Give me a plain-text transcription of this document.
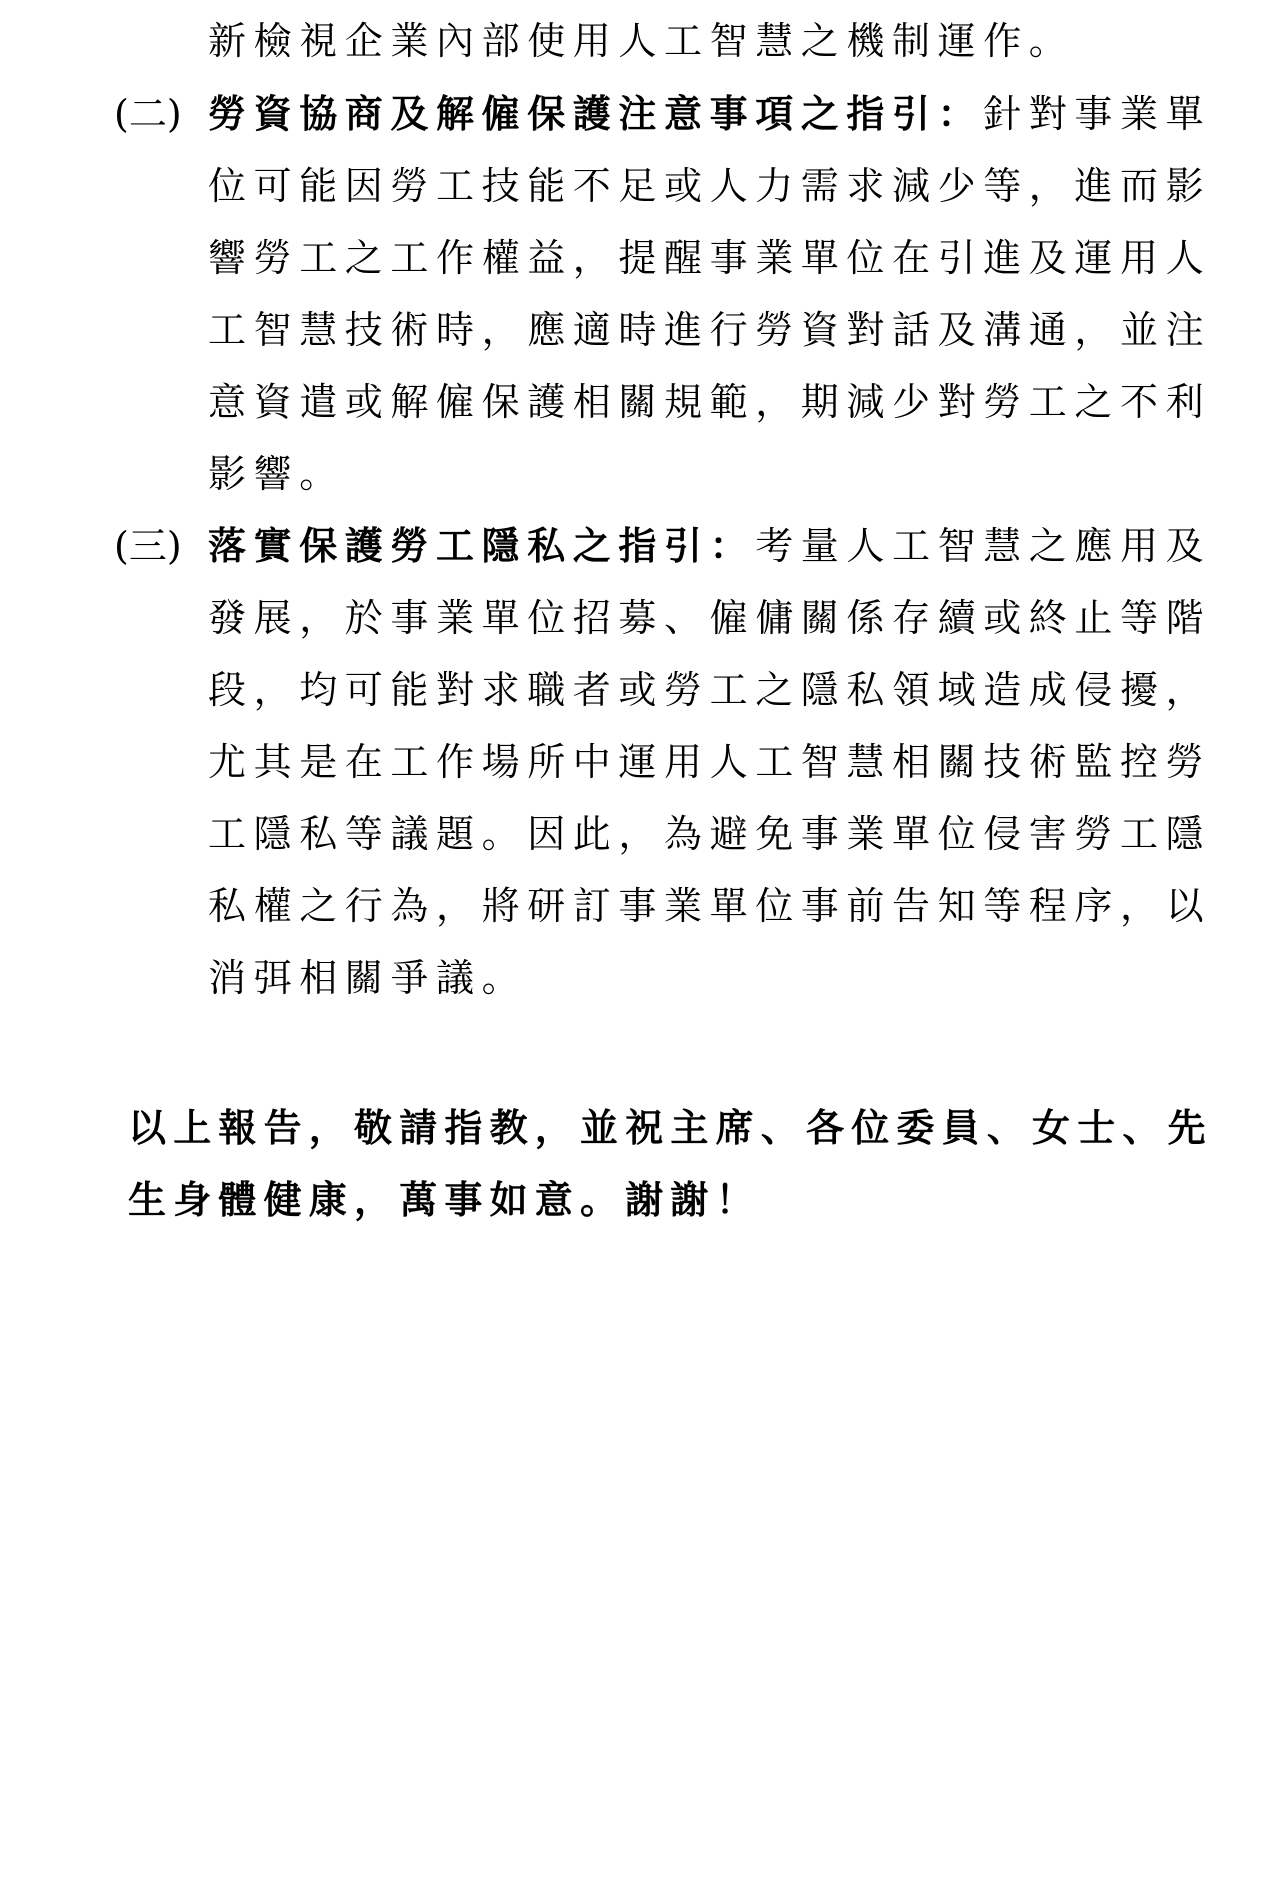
新檢視企業內部使用人工智慧之機制運作。
(二) 勞資協商及解僱保護注意事項之指引：針對事業單
位可能因勞工技能不足或人力需求減少等，進而影
響勞工之工作權益，提醒事業單位在引進及運用人
工智慧技術時，應適時進行勞資對話及溝通，並注
意資遣或解僱保護相關規範，期減少對勞工之不利
影響。
(三) 落實保護勞工隱私之指引：考量人工智慧之應用及
發展，於事業單位招募、僱傭關係存續或終止等階
段，均可能對求職者或勞工之隱私領域造成侵擾，
尤其是在工作場所中運用人工智慧相關技術監控勞
工隱私等議題。因此，為避免事業單位侵害勞工隱
私權之行為，將研訂事業單位事前告知等程序，以
消弭相關爭議。
以上報告，敬請指教，並祝主席、各位委員、女士、先
生身體健康，萬事如意。謝謝！
